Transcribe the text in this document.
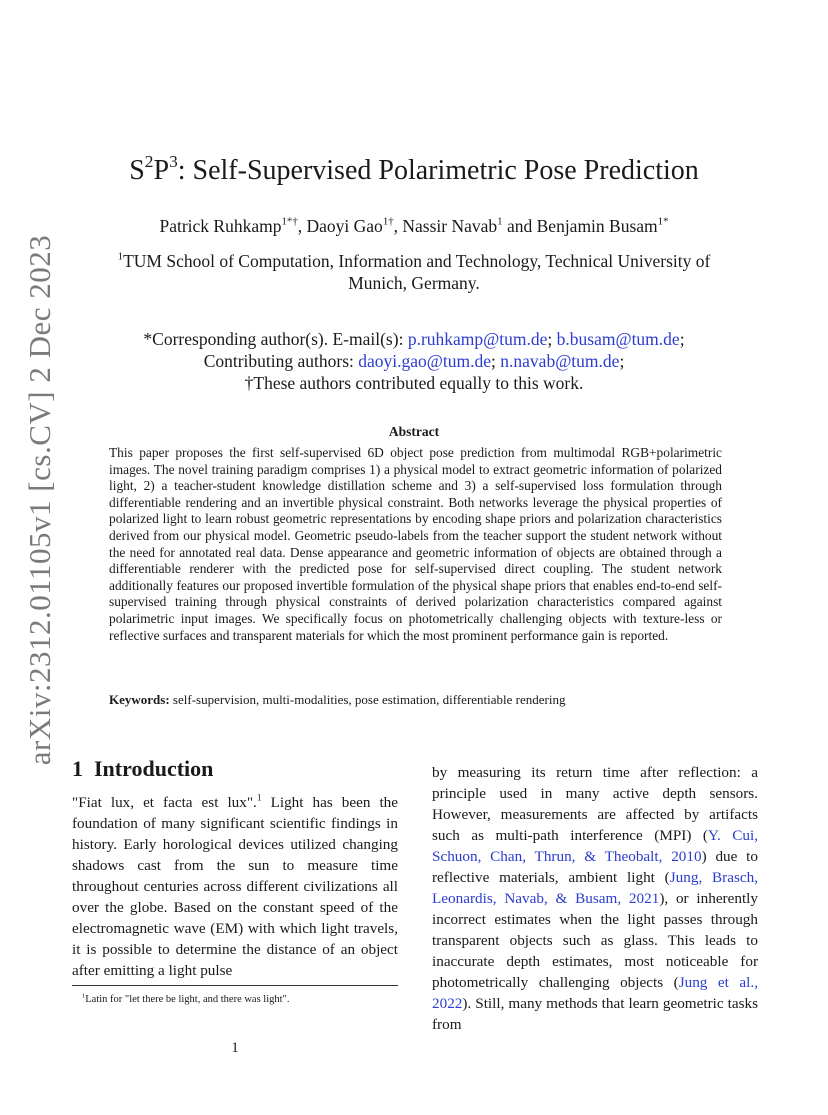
arXiv:2312.01105v1 [cs.CV] 2 Dec 2023
$S^2P^3$: Self-Supervised Polarimetric Pose Prediction
Patrick Ruhkamp$^{1*\dagger}$, Daoyi Gao$^{1\dagger}$, Nassir Navab$^1$ and Benjamin Busam$^{1*}$
$^1$TUM School of Computation, Information and Technology, Technical University of Munich, Germany.
*Corresponding author(s). E-mail(s): p.ruhkamp@tum.de; b.busam@tum.de;
Contributing authors: daoyi.gao@tum.de; n.navab@tum.de;
†These authors contributed equally to this work.
Abstract
This paper proposes the first self-supervised 6D object pose prediction from multimodal RGB+polarimetric images. The novel training paradigm comprises 1) a physical model to extract geometric information of polarized light, 2) a teacher-student knowledge distillation scheme and 3) a self-supervised loss formulation through differentiable rendering and an invertible physical constraint. Both networks leverage the physical properties of polarized light to learn robust geometric representations by encoding shape priors and polarization characteristics derived from our physical model. Geometric pseudo-labels from the teacher support the student network without the need for annotated real data. Dense appearance and geometric information of objects are obtained through a differentiable renderer with the predicted pose for self-supervised direct coupling. The student network additionally features our proposed invertible formulation of the physical shape priors that enables end-to-end self-supervised training through physical constraints of derived polarization characteristics compared against polarimetric input images. We specifically focus on photometrically challenging objects with texture-less or reflective surfaces and transparent materials for which the most prominent performance gain is reported.
Keywords: self-supervision, multi-modalities, pose estimation, differentiable rendering
1 Introduction
"Fiat lux, et facta est lux".$^1$ Light has been the foundation of many significant scientific findings in history. Early horological devices utilized changing shadows cast from the sun to measure time throughout centuries across different civilizations all over the globe. Based on the constant speed of the electromagnetic wave (EM) with which light travels, it is possible to determine the distance of an object after emitting a light pulse
by measuring its return time after reflection: a principle used in many active depth sensors. However, measurements are affected by artifacts such as multi-path interference (MPI) (Y. Cui, Schuon, Chan, Thrun, & Theobalt, 2010) due to reflective materials, ambient light (Jung, Brasch, Leonardis, Navab, & Busam, 2021), or inherently incorrect estimates when the light passes through transparent objects such as glass. This leads to inaccurate depth estimates, most noticeable for photometrically challenging objects (Jung et al., 2022). Still, many methods that learn geometric tasks from
$^1$Latin for "let there be light, and there was light".
1
